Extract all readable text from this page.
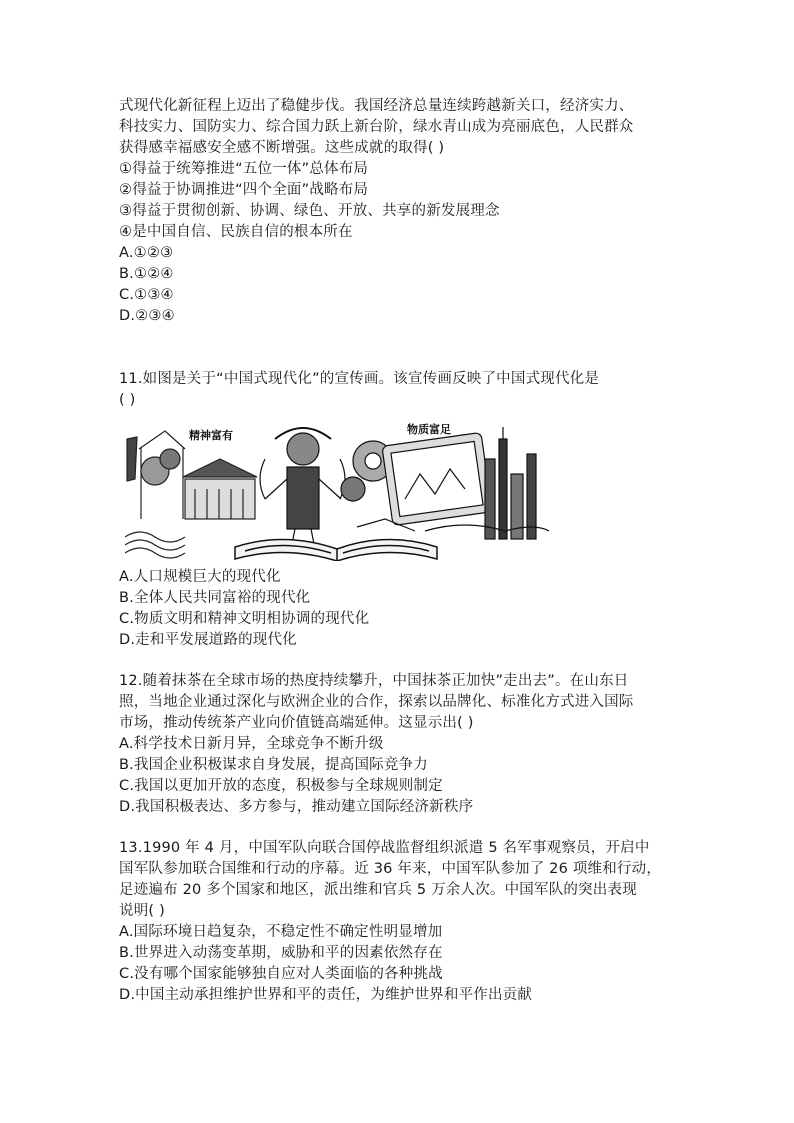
式现代化新征程上迈出了稳健步伐。我国经济总量连续跨越新关口，经济实力、
科技实力、国防实力、综合国力跃上新台阶，绿水青山成为亮丽底色，人民群众
获得感幸福感安全感不断增强。这些成就的取得( )
①得益于统筹推进“五位一体”总体布局
②得益于协调推进“四个全面”战略布局
③得益于贯彻创新、协调、绿色、开放、共享的新发展理念
④是中国自信、民族自信的根本所在
A.①②③
B.①②④
C.①③④
D.②③④
11.如图是关于“中国式现代化”的宣传画。该宣传画反映了中国式现代化是
( )
精神富有	物质富足
A.人口规模巨大的现代化
B.全体人民共同富裕的现代化
C.物质文明和精神文明相协调的现代化
D.走和平发展道路的现代化
12.随着抹茶在全球市场的热度持续攀升，中国抹茶正加快”走出去”。在山东日
照，当地企业通过深化与欧洲企业的合作，探索以品牌化、标准化方式进入国际
市场，推动传统茶产业向价值链高端延伸。这显示出( )
A.科学技术日新月异，全球竞争不断升级
B.我国企业积极谋求自身发展，提高国际竞争力
C.我国以更加开放的态度，积极参与全球规则制定
D.我国积极表达、多方参与，推动建立国际经济新秩序
13.1990 年 4 月，中国军队向联合国停战监督组织派遣 5 名军事观察员，开启中
国军队参加联合国维和行动的序幕。近 36 年来，中国军队参加了 26 项维和行动，
足迹遍布 20 多个国家和地区，派出维和官兵 5 万余人次。中国军队的突出表现
说明( )
A.国际环境日趋复杂，不稳定性不确定性明显增加
B.世界进入动荡变革期，威胁和平的因素依然存在
C.没有哪个国家能够独自应对人类面临的各种挑战
D.中国主动承担维护世界和平的责任，为维护世界和平作出贡献
